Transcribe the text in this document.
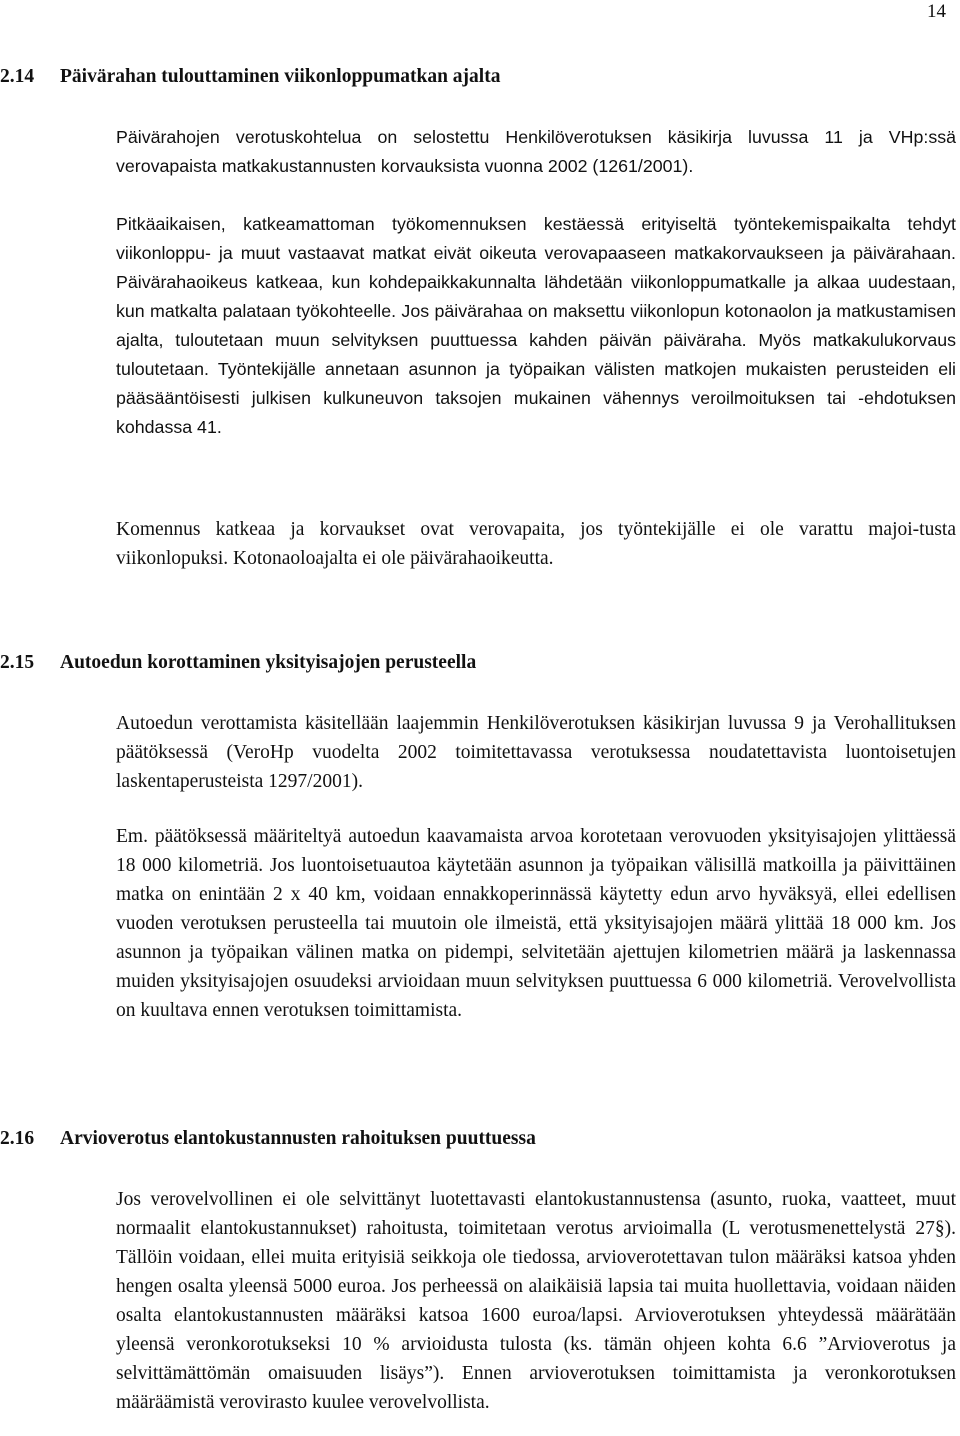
14
2.14 Päivärahan tulouttaminen viikonloppumatkan ajalta
Päivärahojen verotuskohtelua on selostettu Henkilöverotuksen käsikirja luvussa 11 ja VHp:ssä verovapaista matkakustannusten korvauksista vuonna 2002 (1261/2001).
Pitkäaikaisen, katkeamattoman työkomennuksen kestäessä erityiseltä työntekemispaikalta tehdyt viikonloppu- ja muut vastaavat matkat eivät oikeuta verovapaaseen matkakorvaukseen ja päivärahaan. Päivärahaoikeus katkeaa, kun kohdepaikkakunnalta lähdetään viikonloppumatkalle ja alkaa uudestaan, kun matkalta palataan työkohteelle. Jos päivärahaa on maksettu viikonlopun kotonaolon ja matkustamisen ajalta, tuloutetaan muun selvityksen puuttuessa kahden päivän päiväraha. Myös matkakulukorvaus tuloutetaan. Työntekijälle annetaan asunnon ja työpaikan välisten matkojen mukaisten perusteiden eli pääsääntöisesti julkisen kulkuneuvon taksojen mukainen vähennys veroilmoituksen tai -ehdotuksen kohdassa 41.
Komennus katkeaa ja korvaukset ovat verovapaita, jos työntekijälle ei ole varattu majoi-tusta viikonlopuksi. Kotonaoloajalta ei ole päivärahaoikeutta.
2.15 Autoedun korottaminen yksityisajojen perusteella
Autoedun verottamista käsitellään laajemmin Henkilöverotuksen käsikirjan luvussa 9 ja Verohallituksen päätöksessä (VeroHp vuodelta 2002 toimitettavassa verotuksessa noudatettavista luontoisetujen laskentaperusteista 1297/2001).
Em. päätöksessä määriteltyä autoedun kaavamaista arvoa korotetaan verovuoden yksityisajojen ylittäessä 18 000 kilometriä. Jos luontoisetuautoa käytetään asunnon ja työpaikan välisillä matkoilla ja päivittäinen matka on enintään 2 x 40 km, voidaan ennakkoperinnässä käytetty edun arvo hyväksyä, ellei edellisen vuoden verotuksen perusteella tai muutoin ole ilmeistä, että yksityisajojen määrä ylittää 18 000 km. Jos asunnon ja työpaikan välinen matka on pidempi, selvitetään ajettujen kilometrien määrä ja laskennassa muiden yksityisajojen osuudeksi arvioidaan muun selvityksen puuttuessa 6 000 kilometriä. Verovelvollista on kuultava ennen verotuksen toimittamista.
2.16 Arvioverotus elantokustannusten rahoituksen puuttuessa
Jos verovelvollinen ei ole selvittänyt luotettavasti elantokustannustensa (asunto, ruoka, vaatteet, muut normaalit elantokustannukset) rahoitusta, toimitetaan verotus arvioimalla (L verotusmenettelystä 27§). Tällöin voidaan, ellei muita erityisiä seikkoja ole tiedossa, arvioverotettavan tulon määräksi katsoa yhden hengen osalta yleensä 5000 euroa. Jos perheessä on alaikäisiä lapsia tai muita huollettavia, voidaan näiden osalta elantokustannusten määräksi katsoa 1600 euroa/lapsi. Arvioverotuksen yhteydessä määrätään yleensä veronkorotukseksi 10 % arvioidusta tulosta (ks. tämän ohjeen kohta 6.6 ”Arvioverotus ja selvittämättömän omaisuuden lisäys”). Ennen arvioverotuksen toimittamista ja veronkorotuksen määräämistä verovirasto kuulee verovelvollista.
